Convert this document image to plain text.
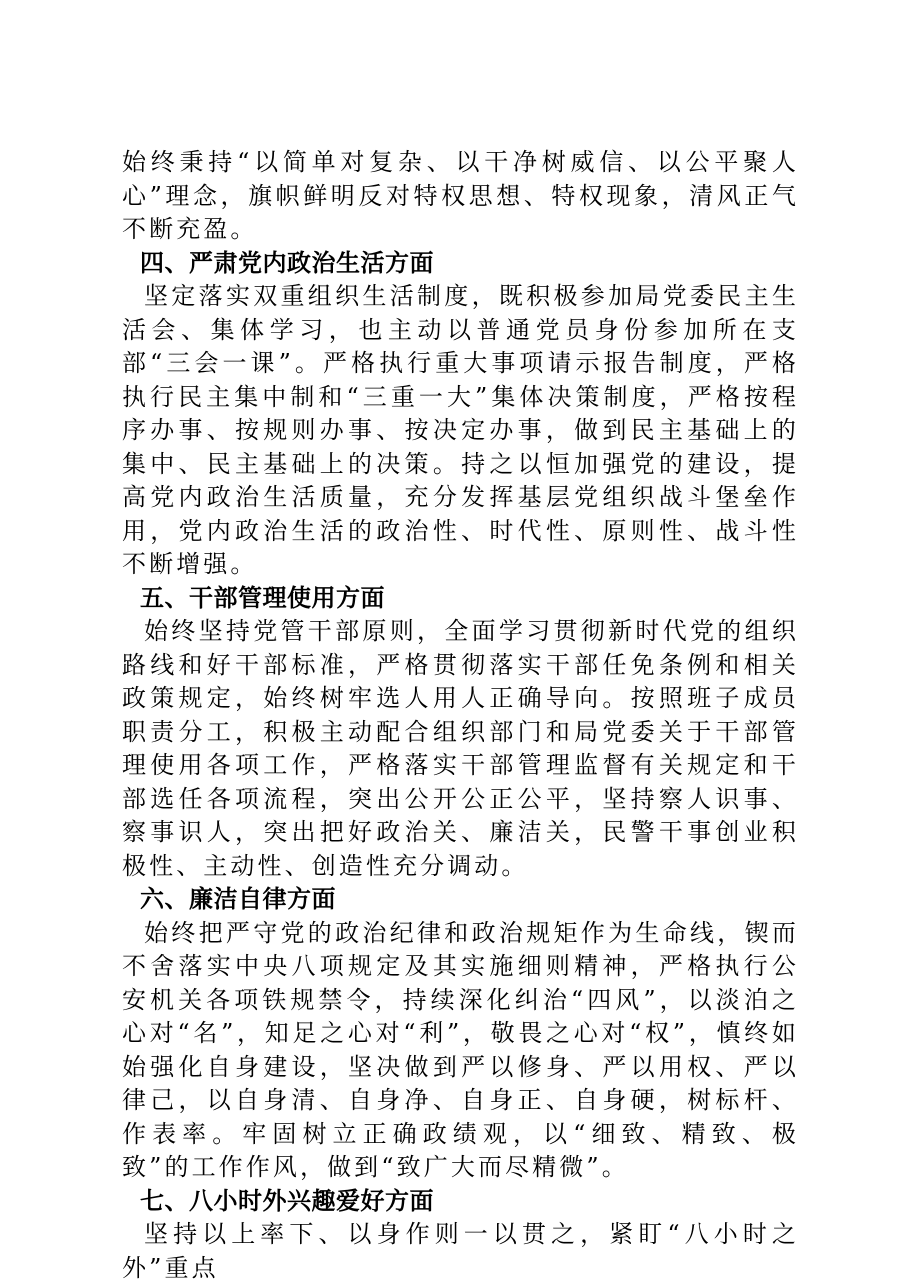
始终秉持“以简单对复杂、以干净树威信、以公平聚人心”理念，旗帜鲜明反对特权思想、特权现象，清风正气不断充盈。

四、严肃党内政治生活方面

坚定落实双重组织生活制度，既积极参加局党委民主生活会、集体学习，也主动以普通党员身份参加所在支部“三会一课”。严格执行重大事项请示报告制度，严格执行民主集中制和“三重一大”集体决策制度，严格按程序办事、按规则办事、按决定办事，做到民主基础上的集中、民主基础上的决策。持之以恒加强党的建设，提高党内政治生活质量，充分发挥基层党组织战斗堡垒作用，党内政治生活的政治性、时代性、原则性、战斗性不断增强。

五、干部管理使用方面

始终坚持党管干部原则，全面学习贯彻新时代党的组织路线和好干部标准，严格贯彻落实干部任免条例和相关政策规定，始终树牢选人用人正确导向。按照班子成员职责分工，积极主动配合组织部门和局党委关于干部管理使用各项工作，严格落实干部管理监督有关规定和干部选任各项流程，突出公开公正公平，坚持察人识事、察事识人，突出把好政治关、廉洁关，民警干事创业积极性、主动性、创造性充分调动。

六、廉洁自律方面

始终把严守党的政治纪律和政治规矩作为生命线，锲而不舍落实中央八项规定及其实施细则精神，严格执行公安机关各项铁规禁令，持续深化纠治“四风”，以淡泊之心对“名”，知足之心对“利”，敬畏之心对“权”，慎终如始强化自身建设，坚决做到严以修身、严以用权、严以律己，以自身清、自身净、自身正、自身硬，树标杆、作表率。牢固树立正确政绩观，以“细致、精致、极致”的工作作风，做到“致广大而尽精微”。

七、八小时外兴趣爱好方面

坚持以上率下、以身作则一以贯之，紧盯“八小时之外”重点
